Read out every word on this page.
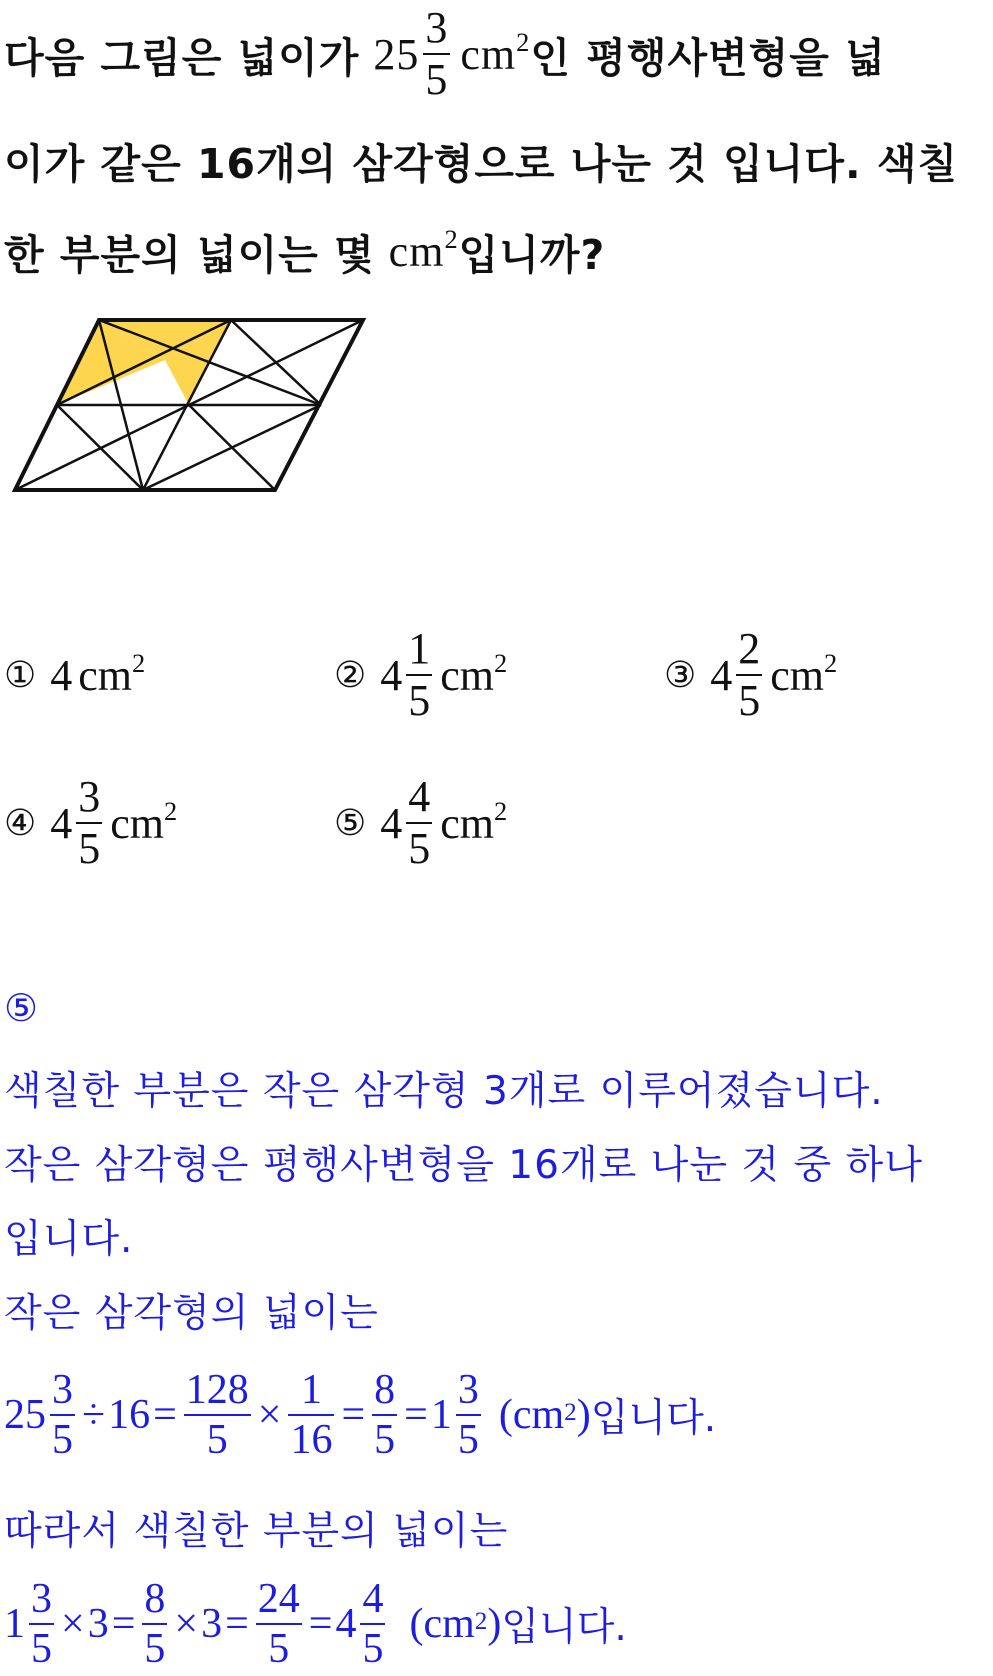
다음 그림은 넓이가 $25 \frac{3}{5} cm^2$ 인 평행사변형을 넓
이가 같은 16개의 삼각형으로 나눈 것 입니다. 색칠
한 부분의 넓이는 몇 $cm^2$ 입니까?
① 4 $cm^2$	② $4 \frac{1}{5} cm^2$	③ $4 \frac{2}{5} cm^2$
④ $4 \frac{3}{5} cm^2$	⑤ $4 \frac{4}{5} cm^2$
⑤
색칠한 부분은 작은 삼각형 3개로 이루어졌습니다.
작은 삼각형은 평행사변형을 16개로 나눈 것 중 하나
입니다.
작은 삼각형의 넓이는
$25 \frac{3}{5} \div 16 = \frac{128}{5} \times \frac{1}{16} = \frac{8}{5} = 1 \frac{3}{5}$ ( $cm^2$ ) 입니다.
따라서 색칠한 부분의 넓이는
$1 \frac{3}{5} \times 3 = \frac{8}{5} \times 3 = \frac{24}{5} = 4 \frac{4}{5}$ ( $cm^2$ ) 입니다.
